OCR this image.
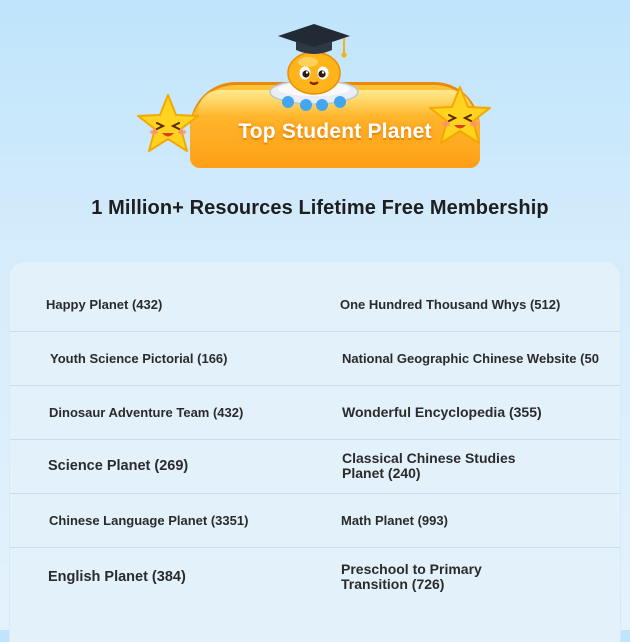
Top Student Planet
1 Million+ Resources Lifetime Free Membership
Happy Planet (432)	One Hundred Thousand Whys (512)
Youth Science Pictorial (166)	National Geographic Chinese Website (50
Dinosaur Adventure Team (432)	Wonderful Encyclopedia (355)
Science Planet (269)	Classical Chinese Studies
Planet (240)
Chinese Language Planet (3351)	Math Planet (993)
English Planet (384)	Preschool to Primary
Transition (726)
